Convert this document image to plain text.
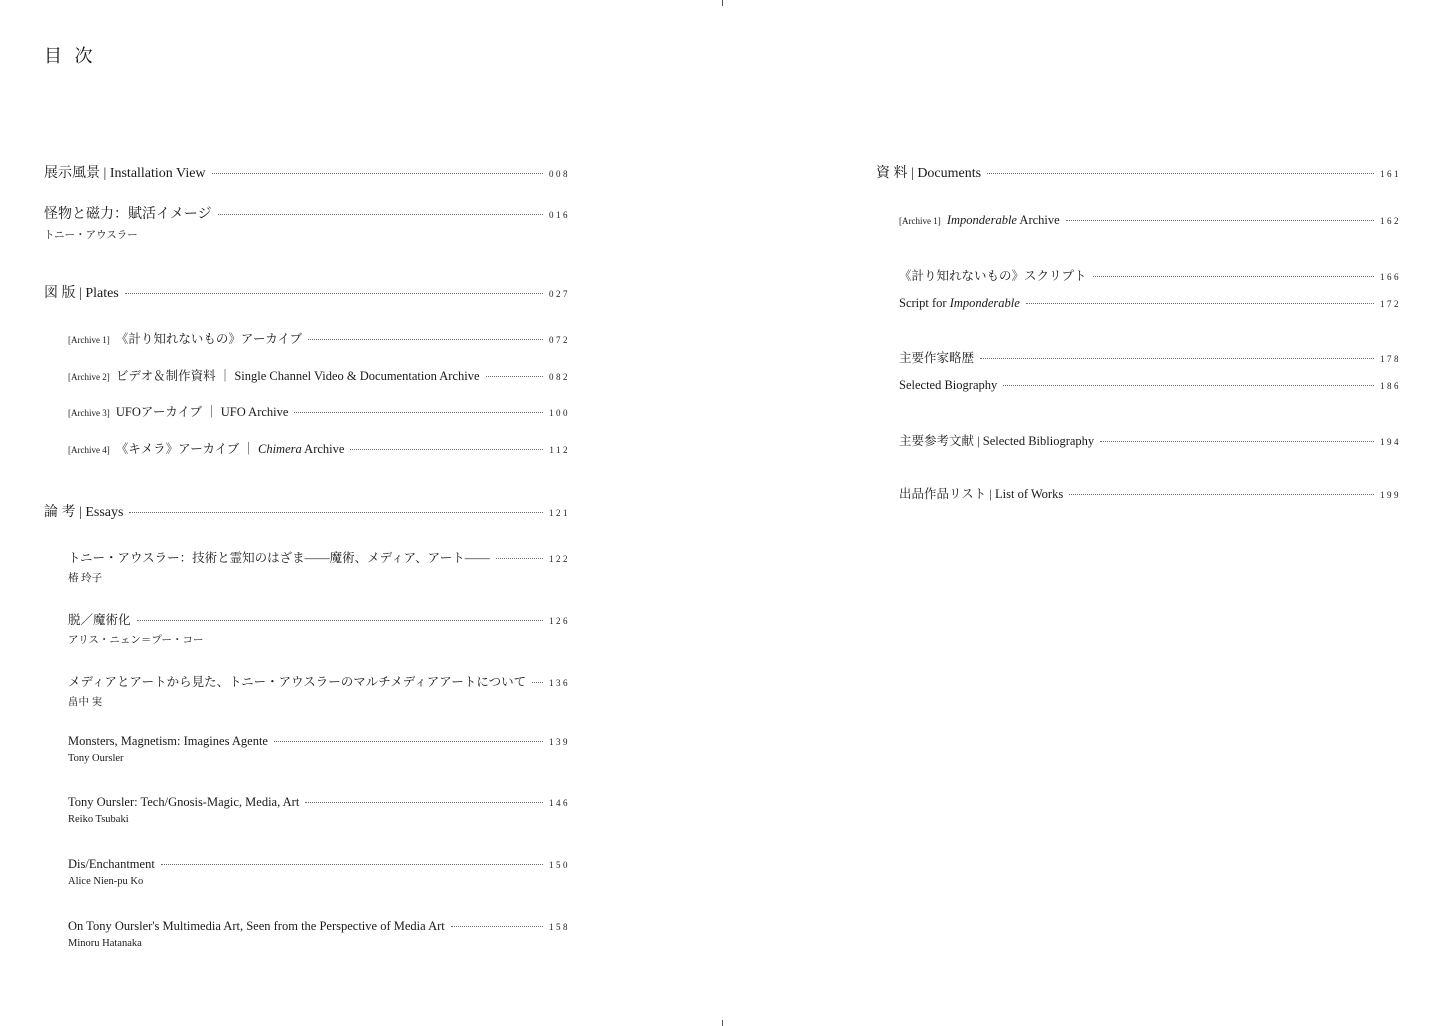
目 次
展示風景 | Installation View	008
怪物と磁力：賦活イメージ	016
トニー・アウスラー
図 版 | Plates	027
[Archive 1] 《計り知れないもの》アーカイブ	072
[Archive 2] ビデオ＆制作資料 ｜ Single Channel Video & Documentation Archive	082
[Archive 3] UFOアーカイブ ｜ UFO Archive	100
[Archive 4] 《キメラ》アーカイブ ｜ Chimera Archive	112
論 考 | Essays	121
トニー・アウスラー：技術と霊知のはざま――魔術、メディア、アート――	122
椿 玲子
脱／魔術化	126
アリス・ニェン＝プー・コー
メディアとアートから見た、トニー・アウスラーのマルチメディアアートについて	136
畠中 実
Monsters, Magnetism: Imagines Agente	139
Tony Oursler
Tony Oursler: Tech/Gnosis-Magic, Media, Art	146
Reiko Tsubaki
Dis/Enchantment	150
Alice Nien-pu Ko
On Tony Oursler's Multimedia Art, Seen from the Perspective of Media Art	158
Minoru Hatanaka
資 料 | Documents	161
[Archive 1] Imponderable Archive	162
《計り知れないもの》スクリプト	166
Script for Imponderable	172
主要作家略歴	178
Selected Biography	186
主要参考文献 | Selected Bibliography	194
出品作品リスト | List of Works	199
